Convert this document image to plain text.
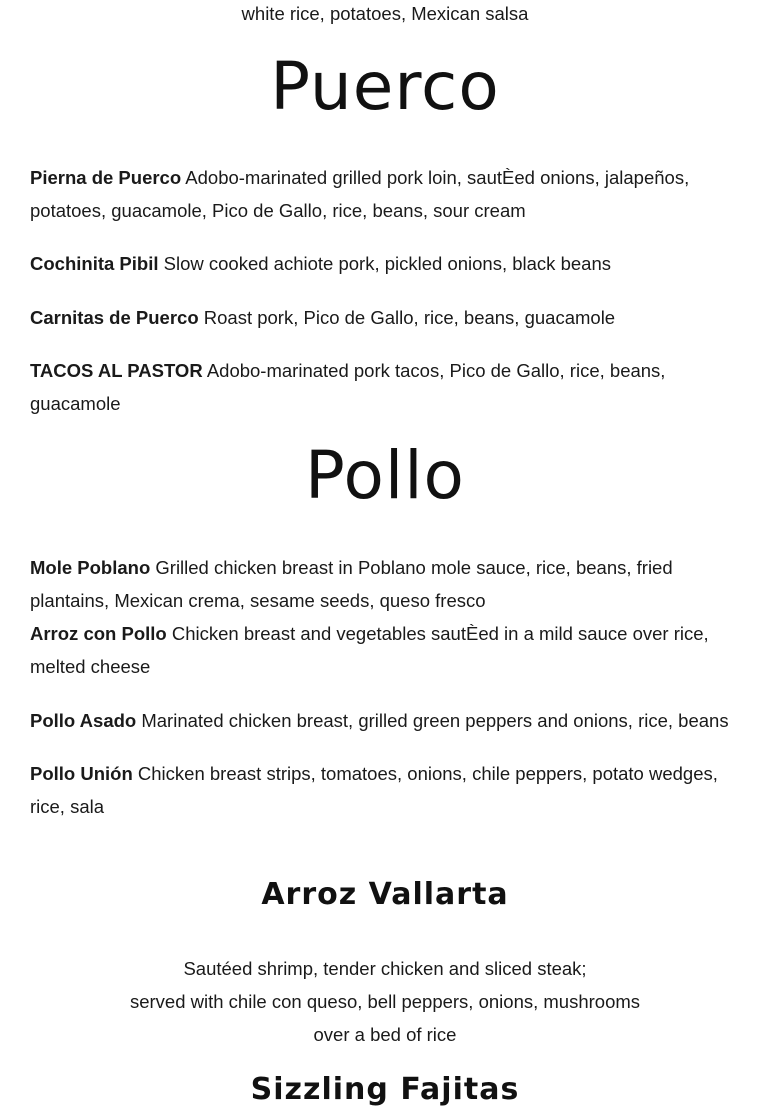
white rice, potatoes, Mexican salsa
Puerco
Pierna de Puerco Adobo-marinated grilled pork loin, sautÈed onions, jalapeños, potatoes, guacamole, Pico de Gallo, rice, beans, sour cream
Cochinita Pibil Slow cooked achiote pork, pickled onions, black beans
Carnitas de Puerco Roast pork, Pico de Gallo, rice, beans, guacamole
TACOS AL PASTOR Adobo-marinated pork tacos, Pico de Gallo, rice, beans, guacamole
Pollo
Mole Poblano Grilled chicken breast in Poblano mole sauce, rice, beans, fried plantains, Mexican crema, sesame seeds, queso fresco
Arroz con Pollo Chicken breast and vegetables sautÈed in a mild sauce over rice, melted cheese
Pollo Asado Marinated chicken breast, grilled green peppers and onions, rice, beans
Pollo Unión Chicken breast strips, tomatoes, onions, chile peppers, potato wedges, rice, sala
Arroz Vallarta
Sautéed shrimp, tender chicken and sliced steak;
served with chile con queso, bell peppers, onions, mushrooms
over a bed of rice
Sizzling Fajitas
